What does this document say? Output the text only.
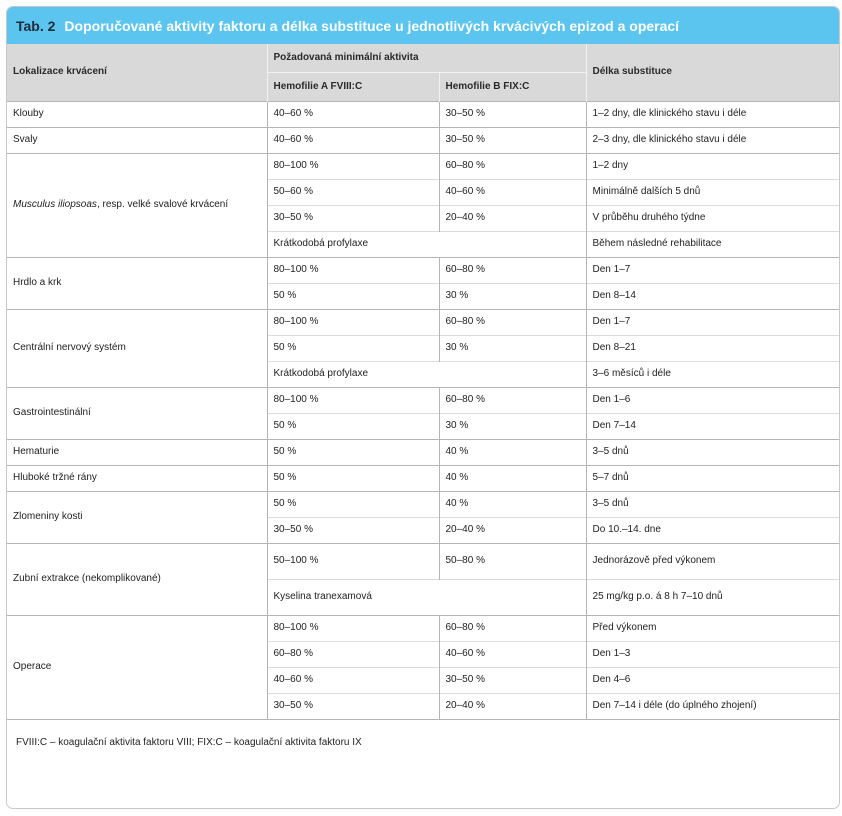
Tab. 2 Doporučované aktivity faktoru a délka substituce u jednotlivých krvácivých epizod a operací
Lokalizace krvácení	Požadovaná minimální aktivita		Délka substituce
	Hemofilie A FVIII:C	Hemofilie B FIX:C	
Klouby	40–60 %	30–50 %	1–2 dny, dle klinického stavu i déle
Svaly	40–60 %	30–50 %	2–3 dny, dle klinického stavu i déle
Musculus iliopsoas, resp. velké svalové krvácení	80–100 %	60–80 %	1–2 dny
	50–60 %	40–60 %	Minimálně dalších 5 dnů
	30–50 %	20–40 %	V průběhu druhého týdne
	Krátkodobá profylaxe		Během následné rehabilitace
Hrdlo a krk	80–100 %	60–80 %	Den 1–7
	50 %	30 %	Den 8–14
Centrální nervový systém	80–100 %	60–80 %	Den 1–7
	50 %	30 %	Den 8–21
	Krátkodobá profylaxe		3–6 měsíců i déle
Gastrointestinální	80–100 %	60–80 %	Den 1–6
	50 %	30 %	Den 7–14
Hematurie	50 %	40 %	3–5 dnů
Hluboké tržné rány	50 %	40 %	5–7 dnů
Zlomeniny kosti	50 %	40 %	3–5 dnů
	30–50 %	20–40 %	Do 10.–14. dne
Zubní extrakce (nekomplikované)	50–100 %	50–80 %	Jednorázově před výkonem
	Kyselina tranexamová		25 mg/kg p.o. á 8 h 7–10 dnů
Operace	80–100 %	60–80 %	Před výkonem
	60–80 %	40–60 %	Den 1–3
	40–60 %	30–50 %	Den 4–6
	30–50 %	20–40 %	Den 7–14 i déle (do úplného zhojení)
FVIII:C – koagulační aktivita faktoru VIII; FIX:C – koagulační aktivita faktoru IX
